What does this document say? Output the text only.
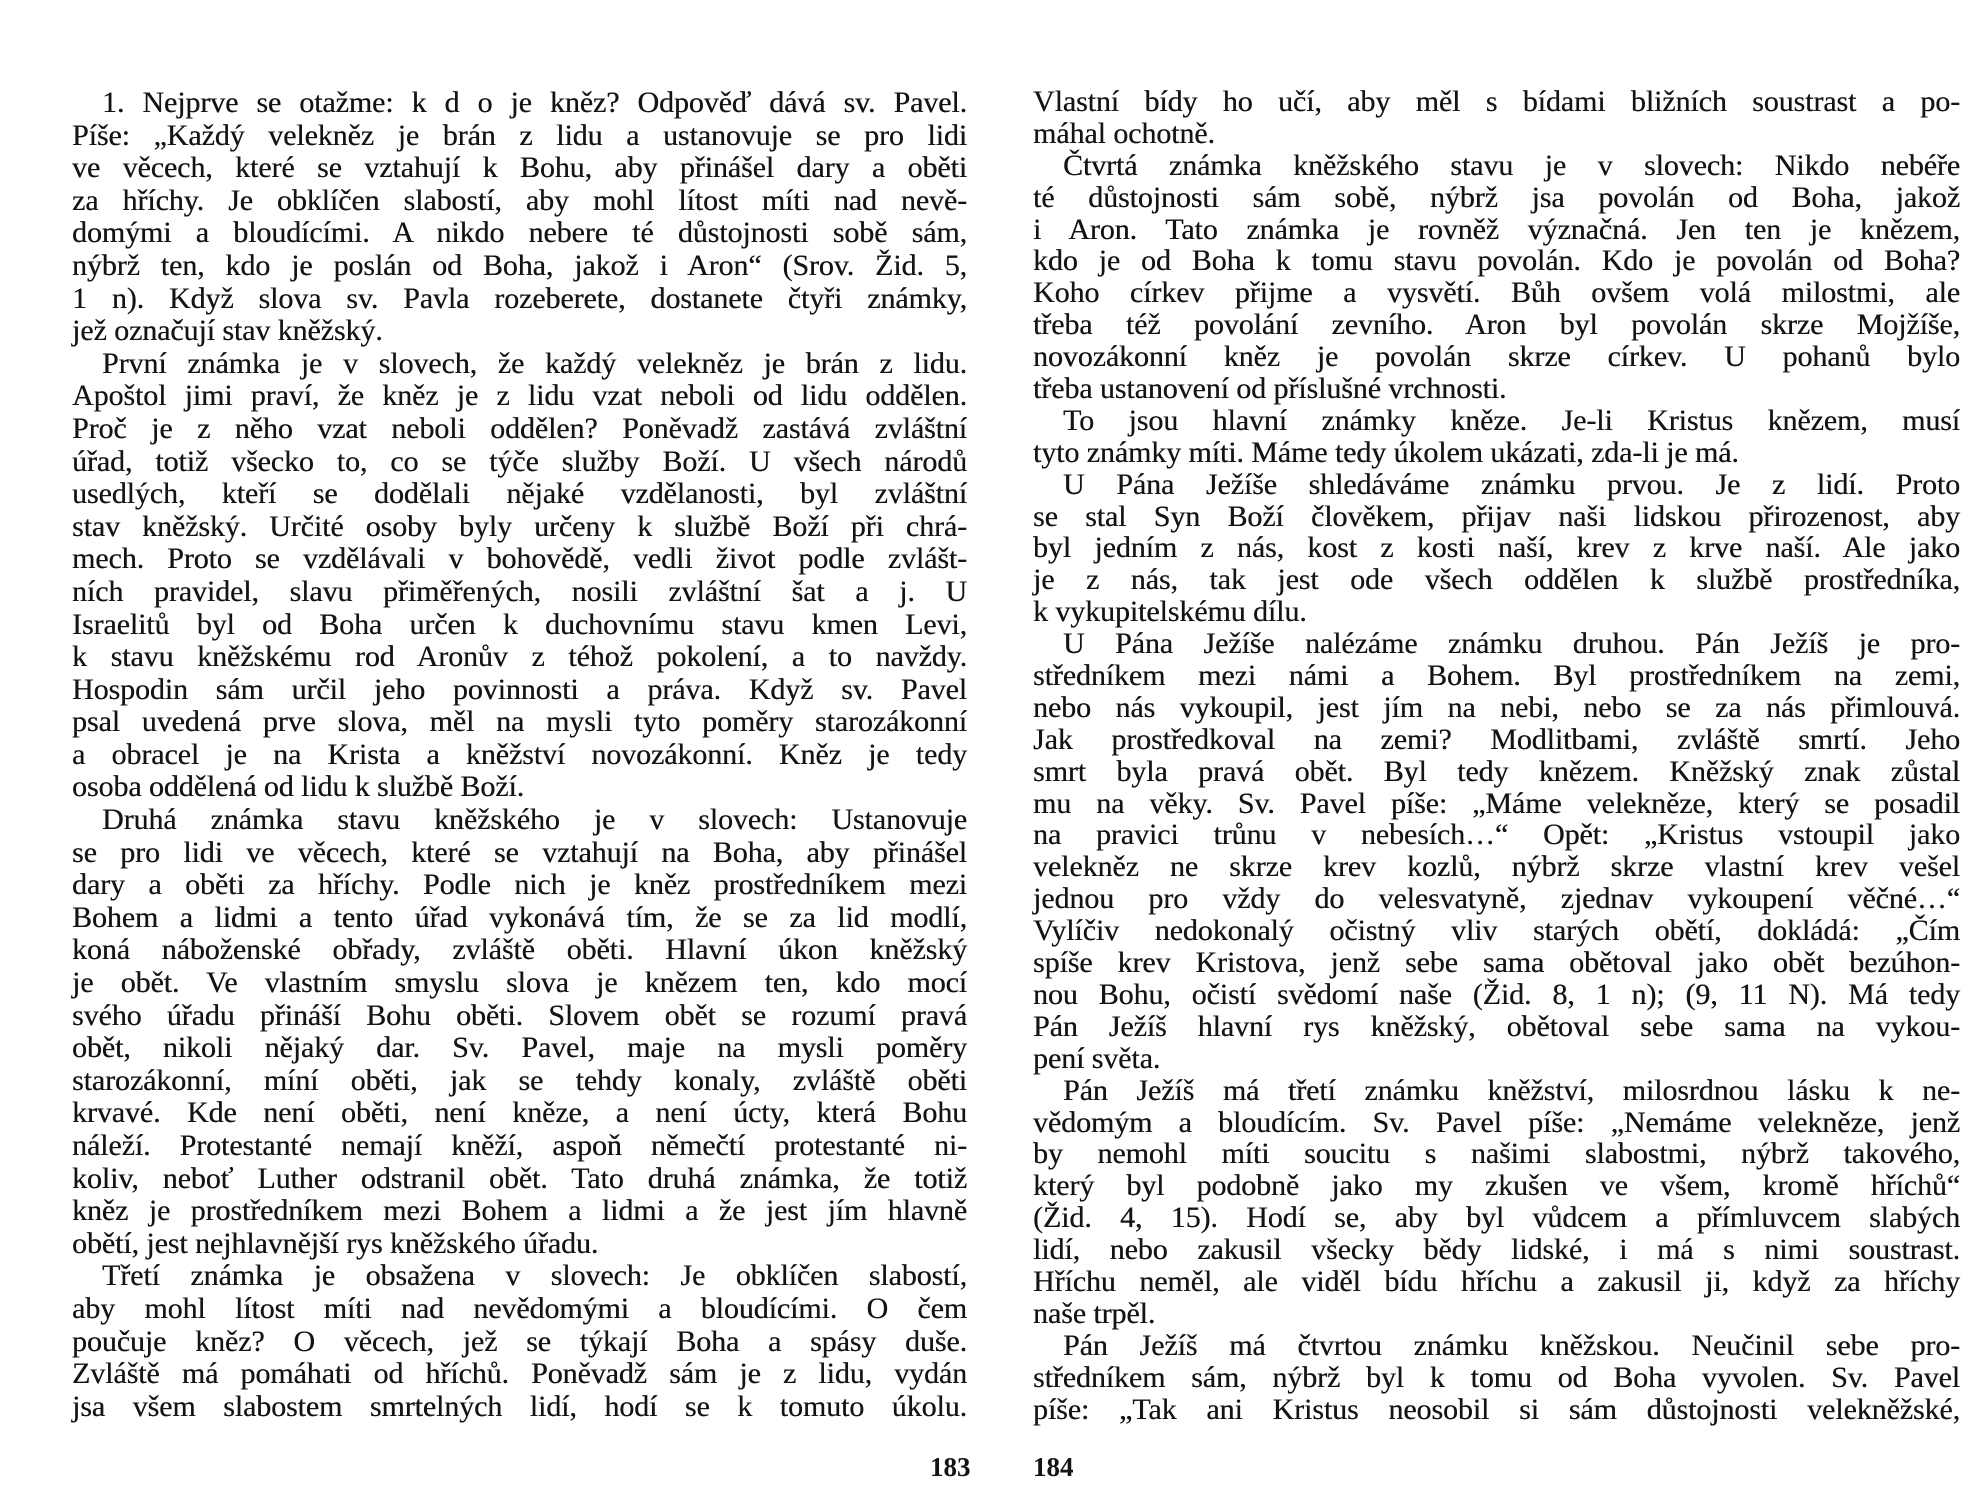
1. Nejprve se otažme: k d o je kněz? Odpověď dává sv. Pavel.
Píše: „Každý velekněz je brán z lidu a ustanovuje se pro lidi
ve věcech, které se vztahují k Bohu, aby přinášel dary a oběti
za hříchy. Je obklíčen slabostí, aby mohl lítost míti nad nevě-
domými a bloudícími. A nikdo nebere té důstojnosti sobě sám,
nýbrž ten, kdo je poslán od Boha, jakož i Aron“ (Srov. Žid. 5,
1 n). Když slova sv. Pavla rozeberete, dostanete čtyři známky,
jež označují stav kněžský.
První známka je v slovech, že každý velekněz je brán z lidu.
Apoštol jimi praví, že kněz je z lidu vzat neboli od lidu oddělen.
Proč je z něho vzat neboli oddělen? Poněvadž zastává zvláštní
úřad, totiž všecko to, co se týče služby Boží. U všech národů
usedlých, kteří se dodělali nějaké vzdělanosti, byl zvláštní
stav kněžský. Určité osoby byly určeny k službě Boží při chrá-
mech. Proto se vzdělávali v bohovědě, vedli život podle zvlášt-
ních pravidel, slavu přiměřených, nosili zvláštní šat a j. U
Israelitů byl od Boha určen k duchovnímu stavu kmen Levi,
k stavu kněžskému rod Aronův z téhož pokolení, a to navždy.
Hospodin sám určil jeho povinnosti a práva. Když sv. Pavel
psal uvedená prve slova, měl na mysli tyto poměry starozákonní
a obracel je na Krista a kněžství novozákonní. Kněz je tedy
osoba oddělená od lidu k službě Boží.
Druhá známka stavu kněžského je v slovech: Ustanovuje
se pro lidi ve věcech, které se vztahují na Boha, aby přinášel
dary a oběti za hříchy. Podle nich je kněz prostředníkem mezi
Bohem a lidmi a tento úřad vykonává tím, že se za lid modlí,
koná náboženské obřady, zvláště oběti. Hlavní úkon kněžský
je obět. Ve vlastním smyslu slova je knězem ten, kdo mocí
svého úřadu přináší Bohu oběti. Slovem obět se rozumí pravá
obět, nikoli nějaký dar. Sv. Pavel, maje na mysli poměry
starozákonní, míní oběti, jak se tehdy konaly, zvláště oběti
krvavé. Kde není oběti, není kněze, a není úcty, která Bohu
náleží. Protestanté nemají kněží, aspoň němečtí protestanté ni-
koliv, neboť Luther odstranil obět. Tato druhá známka, že totiž
kněz je prostředníkem mezi Bohem a lidmi a že jest jím hlavně
obětí, jest nejhlavnější rys kněžského úřadu.
Třetí známka je obsažena v slovech: Je obklíčen slabostí,
aby mohl lítost míti nad nevědomými a bloudícími. O čem
poučuje kněz? O věcech, jež se týkají Boha a spásy duše.
Zvláště má pomáhati od hříchů. Poněvadž sám je z lidu, vydán
jsa všem slabostem smrtelných lidí, hodí se k tomuto úkolu.
Vlastní bídy ho učí, aby měl s bídami bližních soustrast a po-
máhal ochotně.
Čtvrtá známka kněžského stavu je v slovech: Nikdo nebéře
té důstojnosti sám sobě, nýbrž jsa povolán od Boha, jakož
i Aron. Tato známka je rovněž význačná. Jen ten je knězem,
kdo je od Boha k tomu stavu povolán. Kdo je povolán od Boha?
Koho církev přijme a vysvětí. Bůh ovšem volá milostmi, ale
třeba též povolání zevního. Aron byl povolán skrze Mojžíše,
novozákonní kněz je povolán skrze církev. U pohanů bylo
třeba ustanovení od příslušné vrchnosti.
To jsou hlavní známky kněze. Je-li Kristus knězem, musí
tyto známky míti. Máme tedy úkolem ukázati, zda-li je má.
U Pána Ježíše shledáváme známku prvou. Je z lidí. Proto
se stal Syn Boží člověkem, přijav naši lidskou přirozenost, aby
byl jedním z nás, kost z kosti naší, krev z krve naší. Ale jako
je z nás, tak jest ode všech oddělen k službě prostředníka,
k vykupitelskému dílu.
U Pána Ježíše nalézáme známku druhou. Pán Ježíš je pro-
středníkem mezi námi a Bohem. Byl prostředníkem na zemi,
nebo nás vykoupil, jest jím na nebi, nebo se za nás přimlouvá.
Jak prostředkoval na zemi? Modlitbami, zvláště smrtí. Jeho
smrt byla pravá obět. Byl tedy knězem. Kněžský znak zůstal
mu na věky. Sv. Pavel píše: „Máme velekněze, který se posadil
na pravici trůnu v nebesích…“ Opět: „Kristus vstoupil jako
velekněz ne skrze krev kozlů, nýbrž skrze vlastní krev vešel
jednou pro vždy do velesvatyně, zjednav vykoupení věčné…“
Vylíčiv nedokonalý očistný vliv starých obětí, dokládá: „Čím
spíše krev Kristova, jenž sebe sama obětoval jako obět bezúhon-
nou Bohu, očistí svědomí naše (Žid. 8, 1 n); (9, 11 N). Má tedy
Pán Ježíš hlavní rys kněžský, obětoval sebe sama na vykou-
pení světa.
Pán Ježíš má třetí známku kněžství, milosrdnou lásku k ne-
vědomým a bloudícím. Sv. Pavel píše: „Nemáme velekněze, jenž
by nemohl míti soucitu s našimi slabostmi, nýbrž takového,
který byl podobně jako my zkušen ve všem, kromě hříchů“
(Žid. 4, 15). Hodí se, aby byl vůdcem a přímluvcem slabých
lidí, nebo zakusil všecky bědy lidské, i má s nimi soustrast.
Hříchu neměl, ale viděl bídu hříchu a zakusil ji, když za hříchy
naše trpěl.
Pán Ježíš má čtvrtou známku kněžskou. Neučinil sebe pro-
středníkem sám, nýbrž byl k tomu od Boha vyvolen. Sv. Pavel
píše: „Tak ani Kristus neosobil si sám důstojnosti velekněžské,
183 184
